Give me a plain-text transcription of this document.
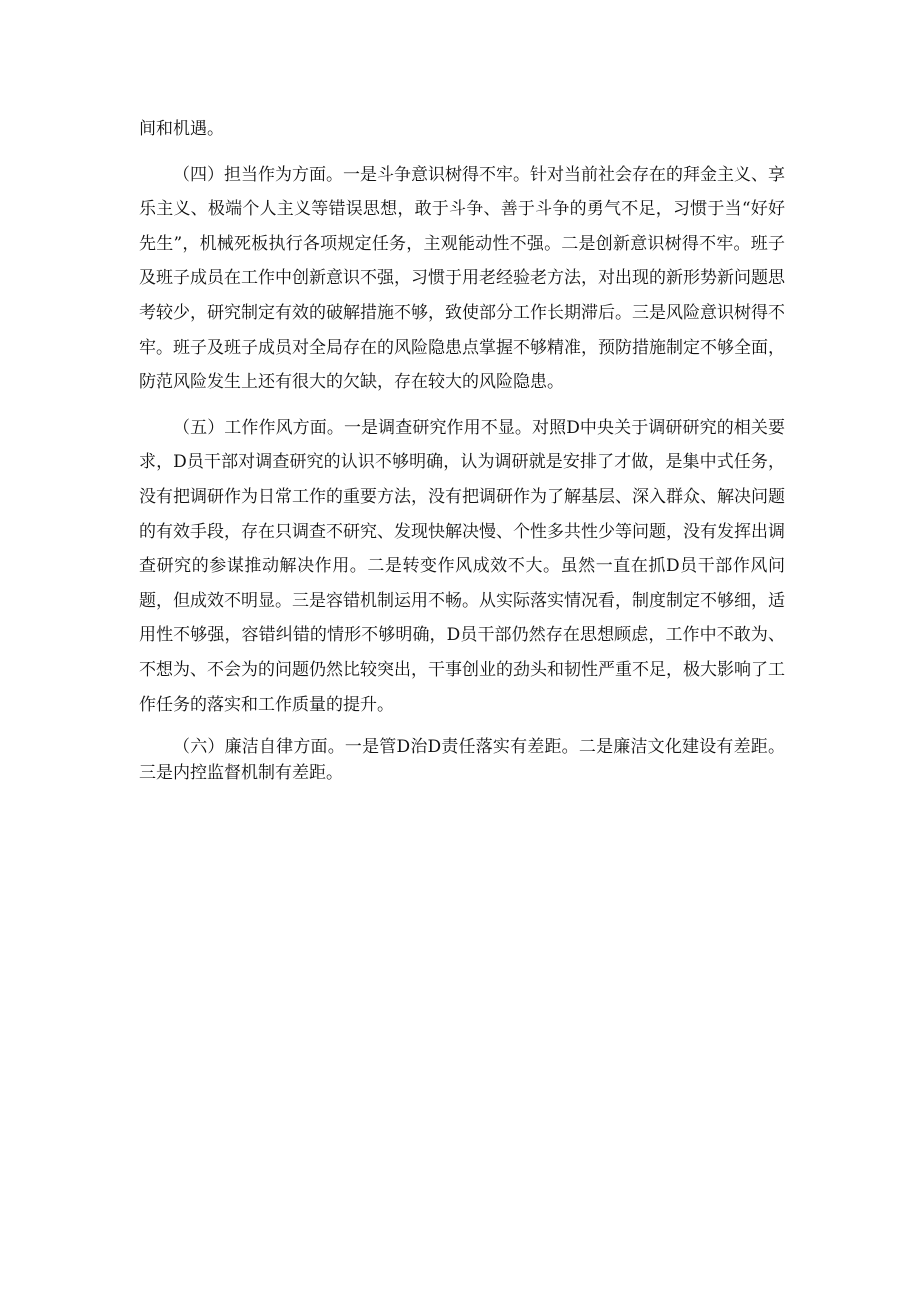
间和机遇。

（四）担当作为方面。一是斗争意识树得不牢。针对当前社会存在的拜金主义、享乐主义、极端个人主义等错误思想，敢于斗争、善于斗争的勇气不足，习惯于当“好好先生”，机械死板执行各项规定任务，主观能动性不强。二是创新意识树得不牢。班子及班子成员在工作中创新意识不强，习惯于用老经验老方法，对出现的新形势新问题思考较少，研究制定有效的破解措施不够，致使部分工作长期滞后。三是风险意识树得不牢。班子及班子成员对全局存在的风险隐患点掌握不够精准，预防措施制定不够全面，防范风险发生上还有很大的欠缺，存在较大的风险隐患。

（五）工作作风方面。一是调查研究作用不显。对照D中央关于调研研究的相关要求，D员干部对调查研究的认识不够明确，认为调研就是安排了才做，是集中式任务，没有把调研作为日常工作的重要方法，没有把调研作为了解基层、深入群众、解决问题的有效手段，存在只调查不研究、发现快解决慢、个性多共性少等问题，没有发挥出调查研究的参谋推动解决作用。二是转变作风成效不大。虽然一直在抓D员干部作风问题，但成效不明显。三是容错机制运用不畅。从实际落实情况看，制度制定不够细，适用性不够强，容错纠错的情形不够明确，D员干部仍然存在思想顾虑，工作中不敢为、不想为、不会为的问题仍然比较突出，干事创业的劲头和韧性严重不足，极大影响了工作任务的落实和工作质量的提升。

（六）廉洁自律方面。一是管D治D责任落实有差距。二是廉洁文化建设有差距。三是内控监督机制有差距。
